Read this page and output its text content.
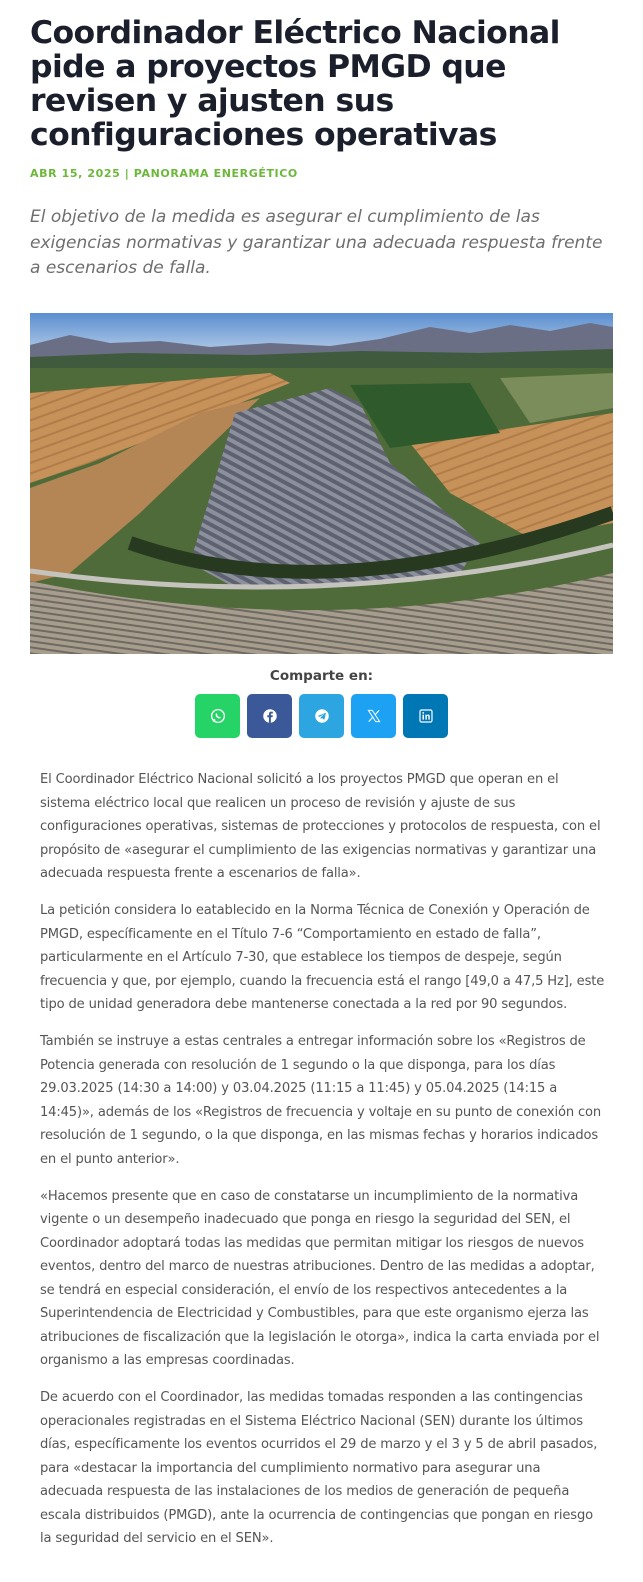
Coordinador Eléctrico Nacional pide a proyectos PMGD que revisen y ajusten sus configuraciones operativas
ABR 15, 2025 | PANORAMA ENERGÉTICO
El objetivo de la medida es asegurar el cumplimiento de las exigencias normativas y garantizar una adecuada respuesta frente a escenarios de falla.
Comparte en:

El Coordinador Eléctrico Nacional solicitó a los proyectos PMGD que operan en el sistema eléctrico local que realicen un proceso de revisión y ajuste de sus configuraciones operativas, sistemas de protecciones y protocolos de respuesta, con el propósito de «asegurar el cumplimiento de las exigencias normativas y garantizar una adecuada respuesta frente a escenarios de falla».

La petición considera lo eatablecido en la Norma Técnica de Conexión y Operación de PMGD, específicamente en el Título 7-6 “Comportamiento en estado de falla”, particularmente en el Artículo 7-30, que establece los tiempos de despeje, según frecuencia y que, por ejemplo, cuando la frecuencia está el rango [49,0 a 47,5 Hz], este tipo de unidad generadora debe mantenerse conectada a la red por 90 segundos.

También se instruye a estas centrales a entregar información sobre los «Registros de Potencia generada con resolución de 1 segundo o la que disponga, para los días 29.03.2025 (14:30 a 14:00) y 03.04.2025 (11:15 a 11:45) y 05.04.2025 (14:15 a 14:45)», además de los «Registros de frecuencia y voltaje en su punto de conexión con resolución de 1 segundo, o la que disponga, en las mismas fechas y horarios indicados en el punto anterior».

«Hacemos presente que en caso de constatarse un incumplimiento de la normativa vigente o un desempeño inadecuado que ponga en riesgo la seguridad del SEN, el Coordinador adoptará todas las medidas que permitan mitigar los riesgos de nuevos eventos, dentro del marco de nuestras atribuciones. Dentro de las medidas a adoptar, se tendrá en especial consideración, el envío de los respectivos antecedentes a la Superintendencia de Electricidad y Combustibles, para que este organismo ejerza las atribuciones de fiscalización que la legislación le otorga», indica la carta enviada por el organismo a las empresas coordinadas.

De acuerdo con el Coordinador, las medidas tomadas responden a las contingencias operacionales registradas en el Sistema Eléctrico Nacional (SEN) durante los últimos días, específicamente los eventos ocurridos el 29 de marzo y el 3 y 5 de abril pasados, para «destacar la importancia del cumplimiento normativo para asegurar una adecuada respuesta de las instalaciones de los medios de generación de pequeña escala distribuidos (PMGD), ante la ocurrencia de contingencias que pongan en riesgo la seguridad del servicio en el SEN».
